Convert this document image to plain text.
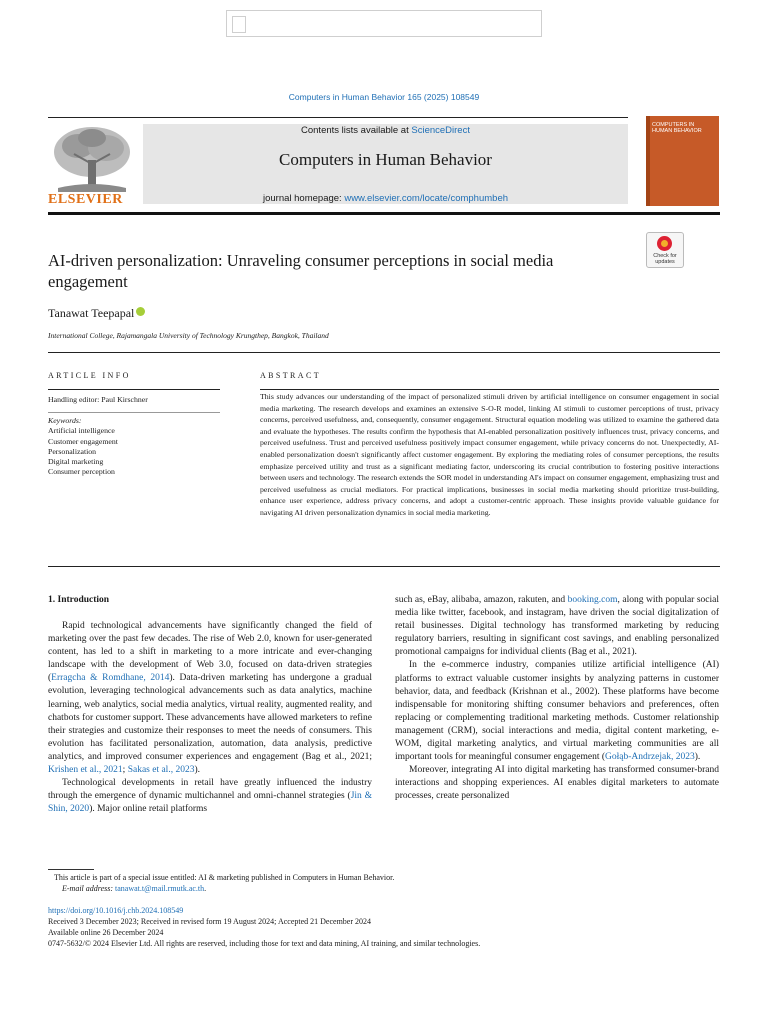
Computers in Human Behavior 165 (2025) 108549
ELSEVIER
Contents lists available at ScienceDirect
Computers in Human Behavior
journal homepage: www.elsevier.com/locate/comphumbeh
COMPUTERS IN HUMAN BEHAVIOR
Check for updates
AI-driven personalization: Unraveling consumer perceptions in social media engagement
Tanawat Teepapal
International College, Rajamangala University of Technology Krungthep, Bangkok, Thailand
ARTICLE INFO
Handling editor: Paul Kirschner
Keywords:
Artificial intelligence
Customer engagement
Personalization
Digital marketing
Consumer perception
ABSTRACT
This study advances our understanding of the impact of personalized stimuli driven by artificial intelligence on consumer engagement in social media marketing. The research develops and examines an extensive S-O-R model, linking AI stimuli to customer perceptions of trust, privacy concerns, perceived usefulness, and, consequently, consumer engagement. Structural equation modeling was utilized to examine the gathered data and evaluate the hypotheses. The results confirm the hypothesis that AI-enabled personalization positively influences trust, privacy concerns, and perceived usefulness. Trust and perceived usefulness positively impact consumer engagement, while privacy concerns do not. Unexpectedly, AI-enabled personalization doesn't significantly affect customer engagement. By exploring the mediating roles of consumer perceptions, the results emphasize perceived utility and trust as a significant mediating factor, underscoring its crucial contribution to fostering positive interactions between users and technology. The research extends the SOR model in understanding AI's impact on consumer engagement, emphasizing trust and perceived usefulness as crucial mediators. For practical implications, businesses in social media marketing should prioritize trust-building, enhance user experience, address privacy concerns, and adopt a customer-centric approach. These insights provide valuable guidance for navigating AI driven personalization dynamics in social media marketing.
1. Introduction

Rapid technological advancements have significantly changed the field of marketing over the past few decades. The rise of Web 2.0, known for user-generated content, has led to a shift in marketing to a more intricate and ever-changing landscape with the development of Web 3.0, focused on data-driven strategies (Erragcha & Romdhane, 2014). Data-driven marketing has undergone a gradual evolution, leveraging technological advancements such as data analytics, machine learning, web analytics, social media analytics, virtual reality, augmented reality, and chatbots for customer support. These advancements have allowed marketers to refine their strategies and customize their responses to meet the needs of consumers. This evolution has facilitated personalization, automation, data analysis, predictive analytics, and improved consumer experiences and engagement (Bag et al., 2021; Krishen et al., 2021; Sakas et al., 2023).

Technological developments in retail have greatly influenced the industry through the emergence of dynamic multichannel and omni-channel strategies (Jin & Shin, 2020). Major online retail platforms

such as, eBay, alibaba, amazon, rakuten, and booking.com, along with popular social media like twitter, facebook, and instagram, have driven the social digitalization of retail businesses. Digital technology has transformed marketing by reducing regulatory barriers, resulting in significant cost savings, and enabling personalized promotional campaigns for individual clients (Bag et al., 2021).

In the e-commerce industry, companies utilize artificial intelligence (AI) platforms to extract valuable customer insights by analyzing patterns in customer behavior, data, and feedback (Krishnan et al., 2002). These platforms have become indispensable for monitoring shifting consumer behaviors and preferences, often replacing or complementing traditional marketing methods. Customer relationship management (CRM), social interactions and media, digital content marketing, e-WOM, digital marketing analytics, and virtual marketing communities are all important tools for meaningful consumer engagement (Gołąb-Andrzejak, 2023).

Moreover, integrating AI into digital marketing has transformed consumer-brand interactions and shopping experiences. AI enables digital marketers to automate processes, create personalized

This article is part of a special issue entitled: AI & marketing published in Computers in Human Behavior.
E-mail address: tanawat.t@mail.rmutk.ac.th.
https://doi.org/10.1016/j.chb.2024.108549
Received 3 December 2023; Received in revised form 19 August 2024; Accepted 21 December 2024
Available online 26 December 2024
0747-5632/© 2024 Elsevier Ltd. All rights are reserved, including those for text and data mining, AI training, and similar technologies.
